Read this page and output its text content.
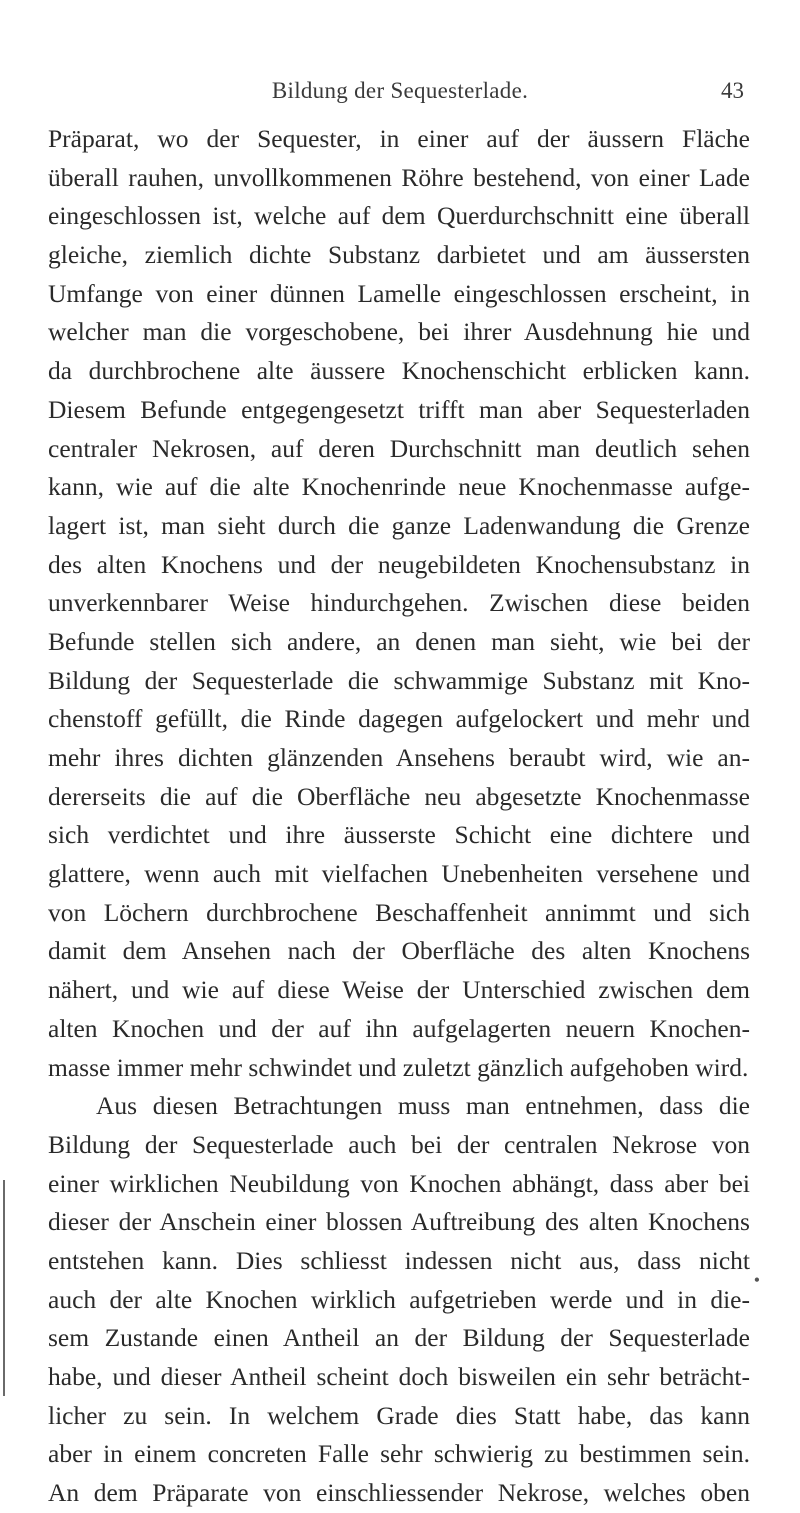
Bildung der Sequesterlade.	43
Präparat, wo der Sequester, in einer auf der äussern Fläche
überall rauhen, unvollkommenen Röhre bestehend, von einer Lade
eingeschlossen ist, welche auf dem Querdurchschnitt eine überall
gleiche, ziemlich dichte Substanz darbietet und am äussersten
Umfange von einer dünnen Lamelle eingeschlossen erscheint, in
welcher man die vorgeschobene, bei ihrer Ausdehnung hie und
da durchbrochene alte äussere Knochenschicht erblicken kann.
Diesem Befunde entgegengesetzt trifft man aber Sequesterladen
centraler Nekrosen, auf deren Durchschnitt man deutlich sehen
kann, wie auf die alte Knochenrinde neue Knochenmasse aufge-
lagert ist, man sieht durch die ganze Ladenwandung die Grenze
des alten Knochens und der neugebildeten Knochensubstanz in
unverkennbarer Weise hindurchgehen. Zwischen diese beiden
Befunde stellen sich andere, an denen man sieht, wie bei der
Bildung der Sequesterlade die schwammige Substanz mit Kno-
chenstoff gefüllt, die Rinde dagegen aufgelockert und mehr und
mehr ihres dichten glänzenden Ansehens beraubt wird, wie an-
dererseits die auf die Oberfläche neu abgesetzte Knochenmasse
sich verdichtet und ihre äusserste Schicht eine dichtere und
glattere, wenn auch mit vielfachen Unebenheiten versehene und
von Löchern durchbrochene Beschaffenheit annimmt und sich
damit dem Ansehen nach der Oberfläche des alten Knochens
nähert, und wie auf diese Weise der Unterschied zwischen dem
alten Knochen und der auf ihn aufgelagerten neuern Knochen-
masse immer mehr schwindet und zuletzt gänzlich aufgehoben wird.
Aus diesen Betrachtungen muss man entnehmen, dass die
Bildung der Sequesterlade auch bei der centralen Nekrose von
einer wirklichen Neubildung von Knochen abhängt, dass aber bei
dieser der Anschein einer blossen Auftreibung des alten Knochens
entstehen kann. Dies schliesst indessen nicht aus, dass nicht
auch der alte Knochen wirklich aufgetrieben werde und in die-
sem Zustande einen Antheil an der Bildung der Sequesterlade
habe, und dieser Antheil scheint doch bisweilen ein sehr beträcht-
licher zu sein. In welchem Grade dies Statt habe, das kann
aber in einem concreten Falle sehr schwierig zu bestimmen sein.
An dem Präparate von einschliessender Nekrose, welches oben
•
